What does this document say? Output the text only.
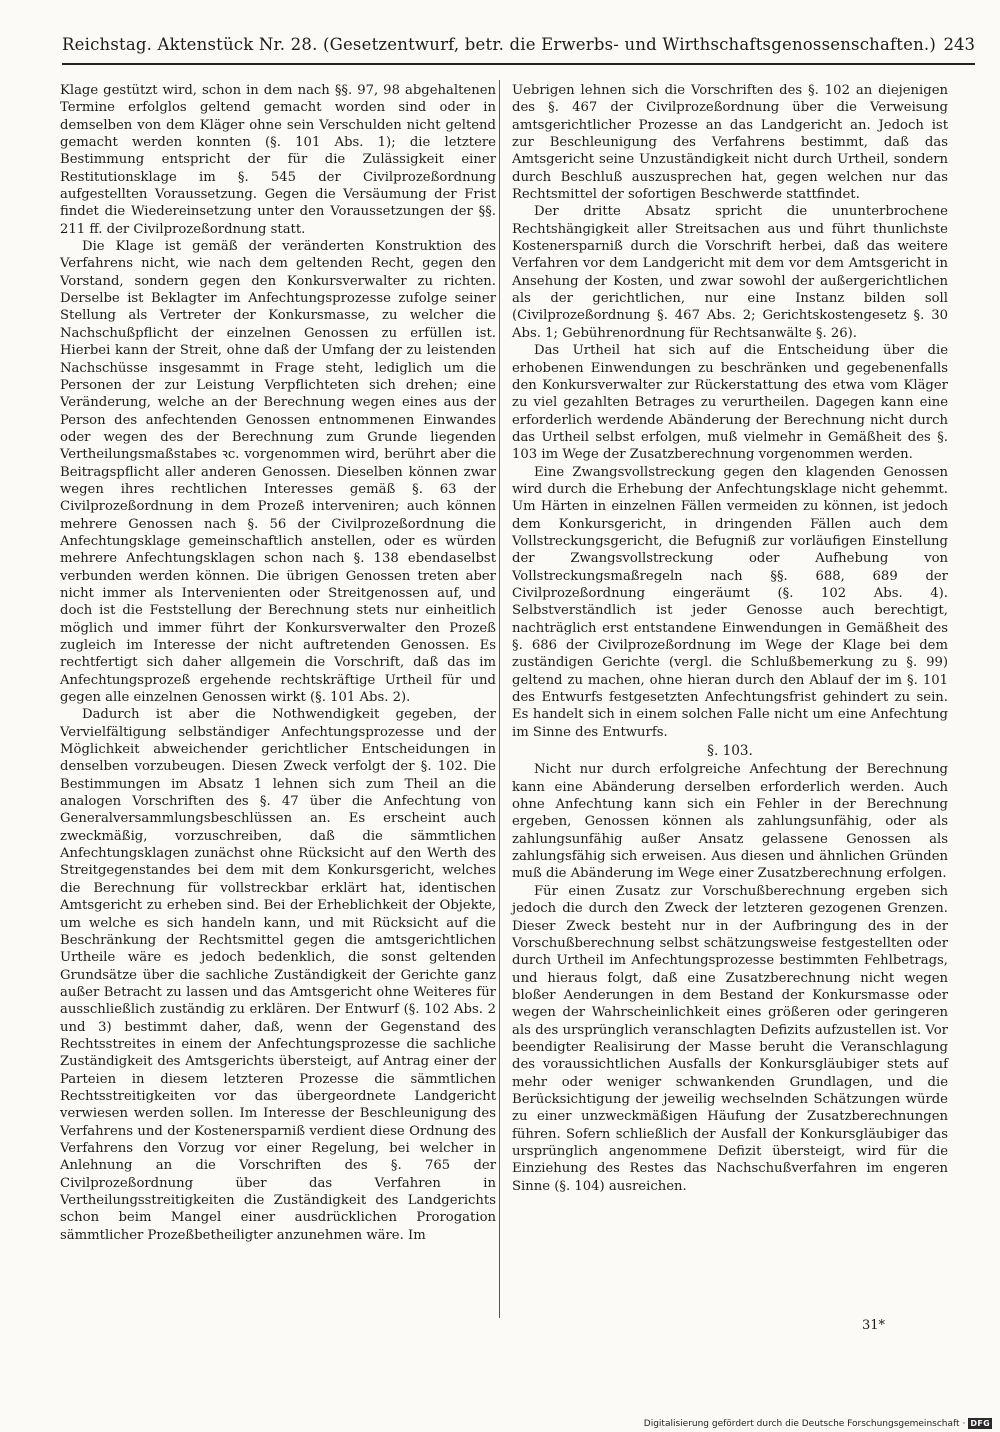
Reichstag. Aktenstück Nr. 28. (Gesetzentwurf, betr. die Erwerbs- und Wirthschaftsgenossenschaften.) 243

Klage gestützt wird, schon in dem nach §§. 97, 98 abgehaltenen Termine erfolglos geltend gemacht worden sind oder in demselben von dem Kläger ohne sein Verschulden nicht geltend gemacht werden konnten (§. 101 Abs. 1); die letztere Bestimmung entspricht der für die Zulässigkeit einer Restitutionsklage im §. 545 der Civilprozeßordnung aufgestellten Voraussetzung. Gegen die Versäumung der Frist findet die Wiedereinsetzung unter den Voraussetzungen der §§. 211 ff. der Civilprozeßordnung statt.

Die Klage ist gemäß der veränderten Konstruktion des Verfahrens nicht, wie nach dem geltenden Recht, gegen den Vorstand, sondern gegen den Konkursverwalter zu richten. Derselbe ist Beklagter im Anfechtungsprozesse zufolge seiner Stellung als Vertreter der Konkursmasse, zu welcher die Nachschußpflicht der einzelnen Genossen zu erfüllen ist. Hierbei kann der Streit, ohne daß der Umfang der zu leistenden Nachschüsse insgesammt in Frage steht, lediglich um die Personen der zur Leistung Verpflichteten sich drehen; eine Veränderung, welche an der Berechnung wegen eines aus der Person des anfechtenden Genossen entnommenen Einwandes oder wegen des der Berechnung zum Grunde liegenden Vertheilungsmaßstabes ꝛc. vorgenommen wird, berührt aber die Beitragspflicht aller anderen Genossen. Dieselben können zwar wegen ihres rechtlichen Interesses gemäß §. 63 der Civilprozeßordnung in dem Prozeß interveniren; auch können mehrere Genossen nach §. 56 der Civilprozeßordnung die Anfechtungsklage gemeinschaftlich anstellen, oder es würden mehrere Anfechtungsklagen schon nach §. 138 ebendaselbst verbunden werden können. Die übrigen Genossen treten aber nicht immer als Intervenienten oder Streitgenossen auf, und doch ist die Feststellung der Berechnung stets nur einheitlich möglich und immer führt der Konkursverwalter den Prozeß zugleich im Interesse der nicht auftretenden Genossen. Es rechtfertigt sich daher allgemein die Vorschrift, daß das im Anfechtungsprozeß ergehende rechtskräftige Urtheil für und gegen alle einzelnen Genossen wirkt (§. 101 Abs. 2).

Dadurch ist aber die Nothwendigkeit gegeben, der Vervielfältigung selbständiger Anfechtungsprozesse und der Möglichkeit abweichender gerichtlicher Entscheidungen in denselben vorzubeugen. Diesen Zweck verfolgt der §. 102. Die Bestimmungen im Absatz 1 lehnen sich zum Theil an die analogen Vorschriften des §. 47 über die Anfechtung von Generalversammlungsbeschlüssen an. Es erscheint auch zweckmäßig, vorzuschreiben, daß die sämmtlichen Anfechtungsklagen zunächst ohne Rücksicht auf den Werth des Streitgegenstandes bei dem mit dem Konkursgericht, welches die Berechnung für vollstreckbar erklärt hat, identischen Amtsgericht zu erheben sind. Bei der Erheblichkeit der Objekte, um welche es sich handeln kann, und mit Rücksicht auf die Beschränkung der Rechtsmittel gegen die amtsgerichtlichen Urtheile wäre es jedoch bedenklich, die sonst geltenden Grundsätze über die sachliche Zuständigkeit der Gerichte ganz außer Betracht zu lassen und das Amtsgericht ohne Weiteres für ausschließlich zuständig zu erklären. Der Entwurf (§. 102 Abs. 2 und 3) bestimmt daher, daß, wenn der Gegenstand des Rechtsstreites in einem der Anfechtungsprozesse die sachliche Zuständigkeit des Amtsgerichts übersteigt, auf Antrag einer der Parteien in diesem letzteren Prozesse die sämmtlichen Rechtsstreitigkeiten vor das übergeordnete Landgericht verwiesen werden sollen. Im Interesse der Beschleunigung des Verfahrens und der Kostenersparniß verdient diese Ordnung des Verfahrens den Vorzug vor einer Regelung, bei welcher in Anlehnung an die Vorschriften des §. 765 der Civilprozeßordnung über das Verfahren in Vertheilungsstreitigkeiten die Zuständigkeit des Landgerichts schon beim Mangel einer ausdrücklichen Prorogation sämmtlicher Prozeßbetheiligter anzunehmen wäre. Im

Uebrigen lehnen sich die Vorschriften des §. 102 an diejenigen des §. 467 der Civilprozeßordnung über die Verweisung amtsgerichtlicher Prozesse an das Landgericht an. Jedoch ist zur Beschleunigung des Verfahrens bestimmt, daß das Amtsgericht seine Unzuständigkeit nicht durch Urtheil, sondern durch Beschluß auszusprechen hat, gegen welchen nur das Rechtsmittel der sofortigen Beschwerde stattfindet.

Der dritte Absatz spricht die ununterbrochene Rechtshängigkeit aller Streitsachen aus und führt thunlichste Kostenersparniß durch die Vorschrift herbei, daß das weitere Verfahren vor dem Landgericht mit dem vor dem Amtsgericht in Ansehung der Kosten, und zwar sowohl der außergerichtlichen als der gerichtlichen, nur eine Instanz bilden soll (Civilprozeßordnung §. 467 Abs. 2; Gerichtskostengesetz §. 30 Abs. 1; Gebührenordnung für Rechtsanwälte §. 26).

Das Urtheil hat sich auf die Entscheidung über die erhobenen Einwendungen zu beschränken und gegebenenfalls den Konkursverwalter zur Rückerstattung des etwa vom Kläger zu viel gezahlten Betrages zu verurtheilen. Dagegen kann eine erforderlich werdende Abänderung der Berechnung nicht durch das Urtheil selbst erfolgen, muß vielmehr in Gemäßheit des §. 103 im Wege der Zusatzberechnung vorgenommen werden.

Eine Zwangsvollstreckung gegen den klagenden Genossen wird durch die Erhebung der Anfechtungsklage nicht gehemmt. Um Härten in einzelnen Fällen vermeiden zu können, ist jedoch dem Konkursgericht, in dringenden Fällen auch dem Vollstreckungsgericht, die Befugniß zur vorläufigen Einstellung der Zwangsvollstreckung oder Aufhebung von Vollstreckungsmaßregeln nach §§. 688, 689 der Civilprozeßordnung eingeräumt (§. 102 Abs. 4). Selbstverständlich ist jeder Genosse auch berechtigt, nachträglich erst entstandene Einwendungen in Gemäßheit des §. 686 der Civilprozeßordnung im Wege der Klage bei dem zuständigen Gerichte (vergl. die Schlußbemerkung zu §. 99) geltend zu machen, ohne hieran durch den Ablauf der im §. 101 des Entwurfs festgesetzten Anfechtungsfrist gehindert zu sein. Es handelt sich in einem solchen Falle nicht um eine Anfechtung im Sinne des Entwurfs.

§. 103.

Nicht nur durch erfolgreiche Anfechtung der Berechnung kann eine Abänderung derselben erforderlich werden. Auch ohne Anfechtung kann sich ein Fehler in der Berechnung ergeben, Genossen können als zahlungsunfähig, oder als zahlungsunfähig außer Ansatz gelassene Genossen als zahlungsfähig sich erweisen. Aus diesen und ähnlichen Gründen muß die Abänderung im Wege einer Zusatzberechnung erfolgen.

Für einen Zusatz zur Vorschußberechnung ergeben sich jedoch die durch den Zweck der letzteren gezogenen Grenzen. Dieser Zweck besteht nur in der Aufbringung des in der Vorschußberechnung selbst schätzungsweise festgestellten oder durch Urtheil im Anfechtungsprozesse bestimmten Fehlbetrags, und hieraus folgt, daß eine Zusatzberechnung nicht wegen bloßer Aenderungen in dem Bestand der Konkursmasse oder wegen der Wahrscheinlichkeit eines größeren oder geringeren als des ursprünglich veranschlagten Defizits aufzustellen ist. Vor beendigter Realisirung der Masse beruht die Veranschlagung des voraussichtlichen Ausfalls der Konkursgläubiger stets auf mehr oder weniger schwankenden Grundlagen, und die Berücksichtigung der jeweilig wechselnden Schätzungen würde zu einer unzweckmäßigen Häufung der Zusatzberechnungen führen. Sofern schließlich der Ausfall der Konkursgläubiger das ursprünglich angenommene Defizit übersteigt, wird für die Einziehung des Restes das Nachschußverfahren im engeren Sinne (§. 104) ausreichen.

31*
Digitalisierung gefördert durch die Deutsche Forschungsgemeinschaft · DFG
